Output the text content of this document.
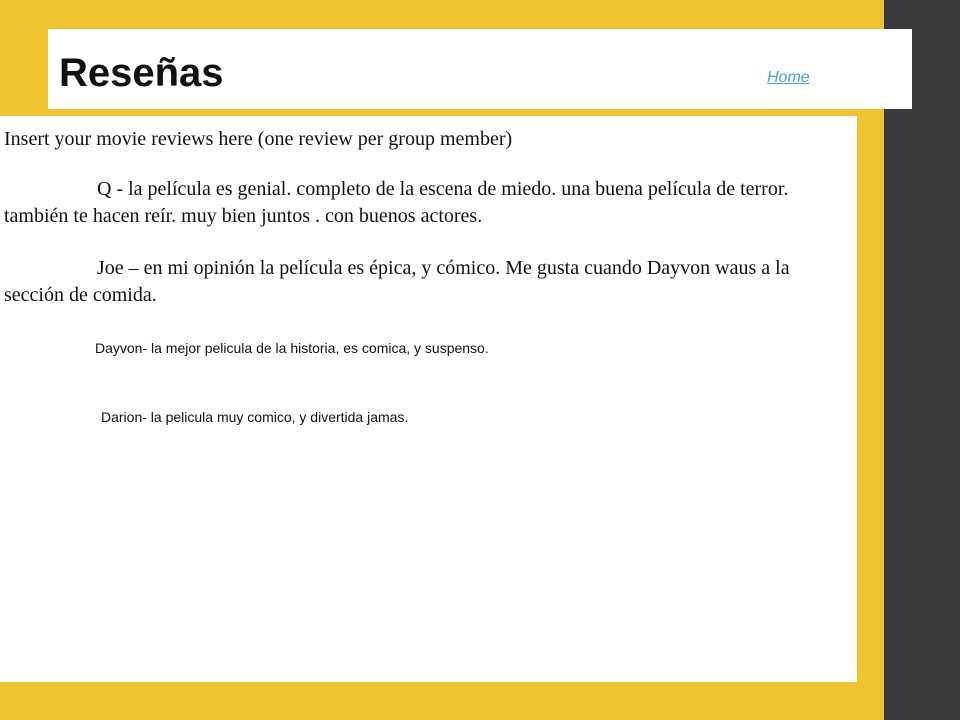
Reseñas	Home

Insert your movie reviews here (one review per group member)

Q - la película es genial. completo de la escena de miedo. una buena película de terror. también te hacen reír. muy bien juntos . con buenos actores.

Joe – en mi opinión la película es épica, y cómico. Me gusta cuando Dayvon waus a la sección de comida.

Dayvon- la mejor pelicula de la historia, es comica, y suspenso.

Darion- la pelicula muy comico, y divertida jamas.
